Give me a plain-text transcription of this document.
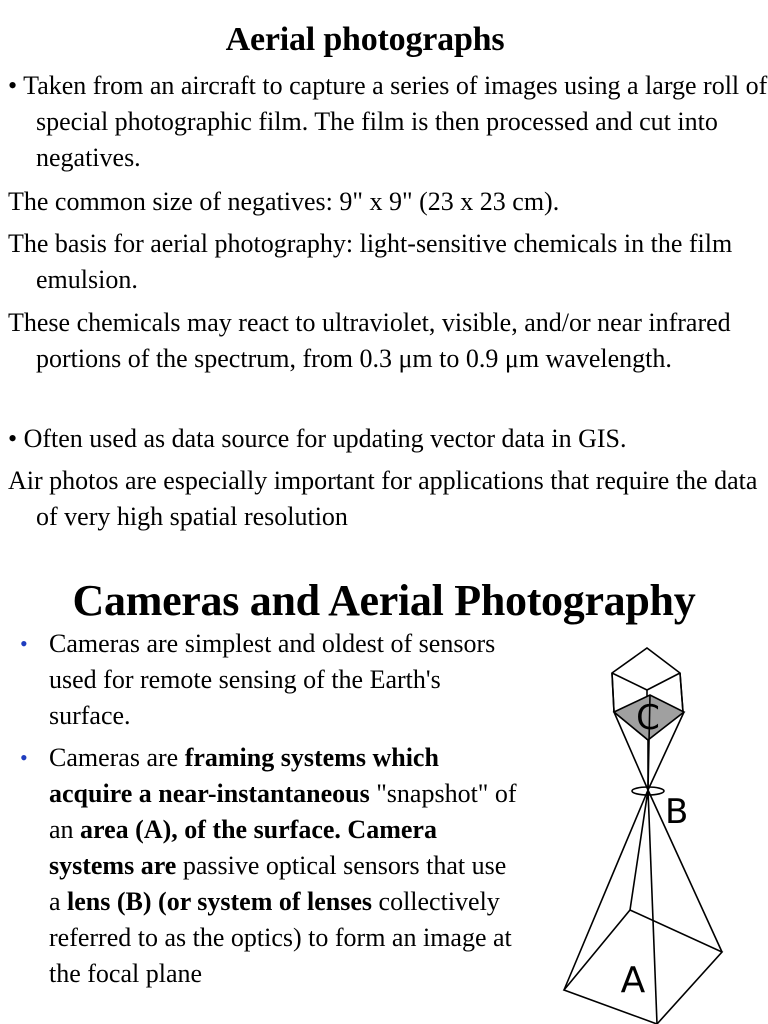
Aerial photographs
• Taken from an aircraft to capture a series of images using a large roll of special photographic film. The film is then processed and cut into negatives.
The common size of negatives: 9" x 9" (23 x 23 cm).
The basis for aerial photography: light-sensitive chemicals in the film emulsion.
These chemicals may react to ultraviolet, visible, and/or near infrared portions of the spectrum, from 0.3 μm to 0.9 μm wavelength.
• Often used as data source for updating vector data in GIS.
Air photos are especially important for applications that require the data of very high spatial resolution
Cameras and Aerial Photography
• Cameras are simplest and oldest of sensors used for remote sensing of the Earth's surface.
• Cameras are framing systems which acquire a near-instantaneous "snapshot" of an area (A), of the surface. Camera systems are passive optical sensors that use a lens (B) (or system of lenses collectively referred to as the optics) to form an image at the focal plane
C
B
A
